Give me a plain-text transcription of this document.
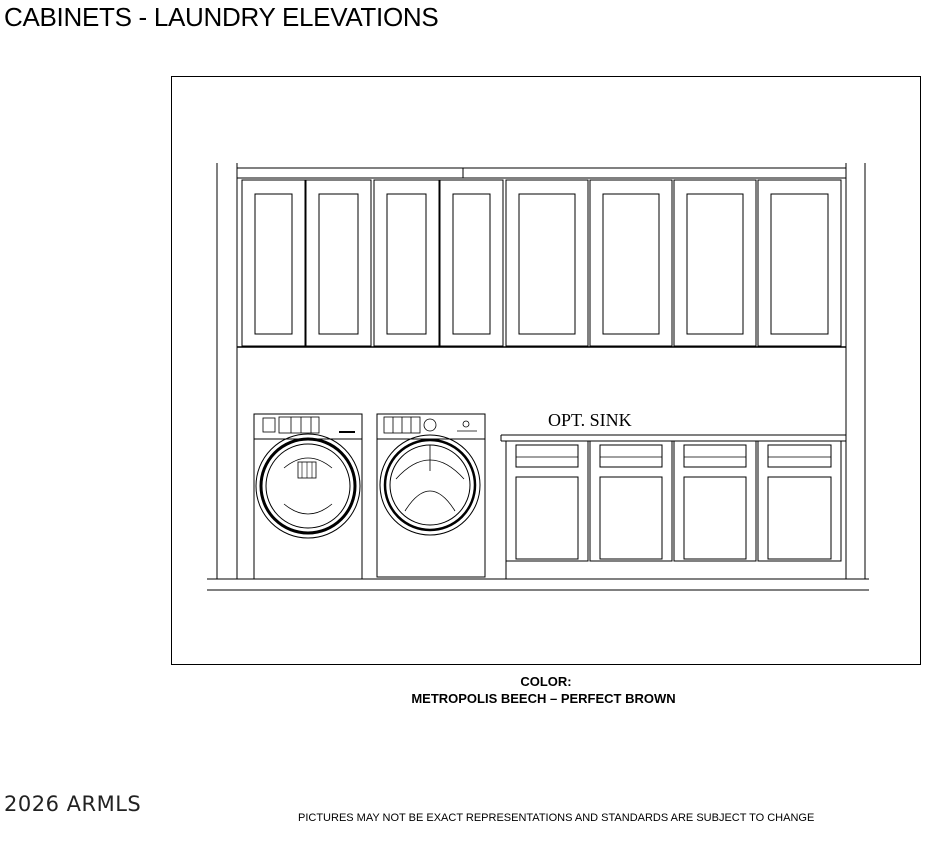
CABINETS - LAUNDRY ELEVATIONS
OPT. SINK
COLOR:
METROPOLIS BEECH – PERFECT BROWN
2026 ARMLS
PICTURES MAY NOT BE EXACT REPRESENTATIONS AND STANDARDS ARE SUBJECT TO CHANGE
